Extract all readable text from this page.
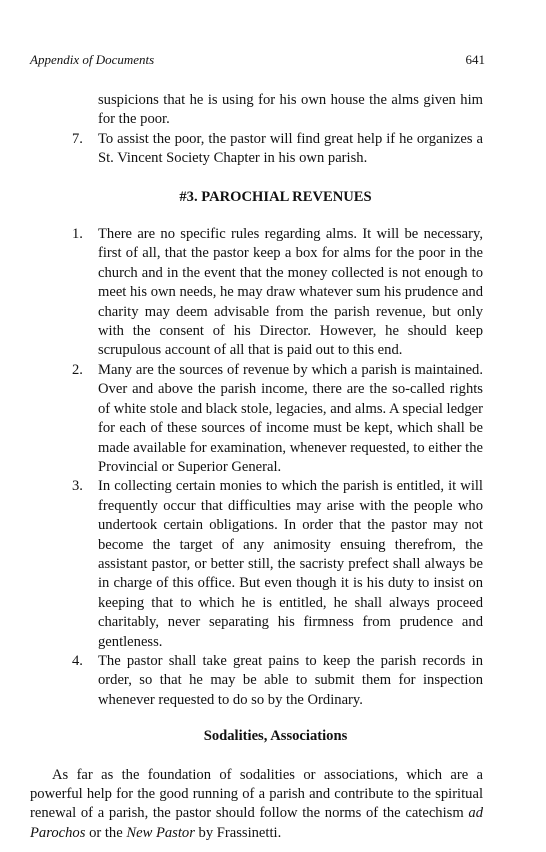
Appendix of Documents	641

suspicions that he is using for his own house the alms given him for the poor.

7. To assist the poor, the pastor will find great help if he organizes a St. Vincent Society Chapter in his own parish.
#3. PAROCHIAL REVENUES
1. There are no specific rules regarding alms. It will be necessary, first of all, that the pastor keep a box for alms for the poor in the church and in the event that the money collected is not enough to meet his own needs, he may draw whatever sum his prudence and charity may deem advisable from the parish revenue, but only with the consent of his Director. However, he should keep scrupulous account of all that is paid out to this end.
2. Many are the sources of revenue by which a parish is maintained. Over and above the parish income, there are the so-called rights of white stole and black stole, legacies, and alms. A special ledger for each of these sources of income must be kept, which shall be made available for examination, whenever requested, to either the Provincial or Superior General.
3. In collecting certain monies to which the parish is entitled, it will frequently occur that difficulties may arise with the people who undertook certain obligations. In order that the pastor may not become the target of any animosity ensuing therefrom, the assistant pastor, or better still, the sacristy prefect shall always be in charge of this office. But even though it is his duty to insist on keeping that to which he is entitled, he shall always proceed charitably, never separating his firmness from prudence and gentleness.
4. The pastor shall take great pains to keep the parish records in order, so that he may be able to submit them for inspection whenever requested to do so by the Ordinary.
Sodalities, Associations

As far as the foundation of sodalities or associations, which are a powerful help for the good running of a parish and contribute to the spiritual renewal of a parish, the pastor should follow the norms of the catechism ad Parochos or the New Pastor by Frassinetti.
